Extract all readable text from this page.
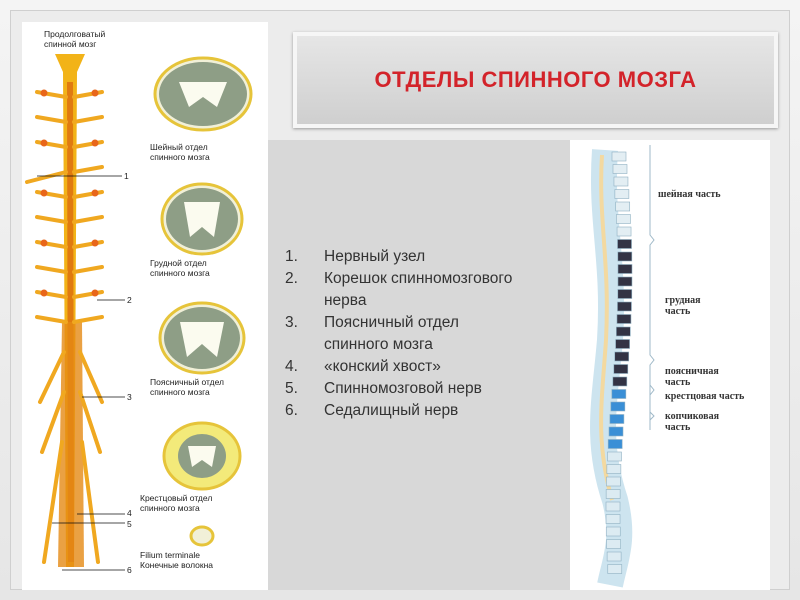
Продолговатый спинной мозг
Шейный отдел спинного мозга
Грудной отдел спинного мозга
Поясничный отдел спинного мозга
Крестцовый отдел спинного мозга
Filium terminale Конечные волокна
1
2
3
4
5
6
ОТДЕЛЫ СПИННОГО МОЗГА
1.	Нервный узел
2.	Корешок спинномозгового нерва
3.	Поясничный отдел спинного мозга
4.	«конский хвост»
5.	Спинномозговой нерв
6.	Седалищный нерв
шейная часть
грудная часть
поясничная часть
крестцовая часть
копчиковая часть
